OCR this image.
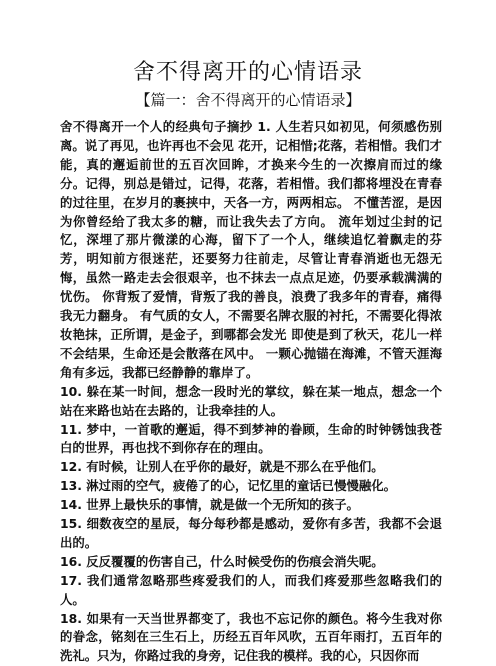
舍不得离开的心情语录
【篇一：舍不得离开的心情语录】

舍不得离开一个人的经典句子摘抄 1. 人生若只如初见，何须感伤别离。说了再见，也许再也不会见 花开，记相惜;花落，若相惜。我们才能，真的邂逅前世的五百次回眸，才换来今生的一次擦肩而过的缘分。记得，别总是错过，记得，花落，若相惜。我们都将埋没在青春的过往里，在岁月的裹挟中，天各一方，两两相忘。 不懂苦涩，是因为你曾经给了我太多的糖，而让我失去了方向。 流年划过尘封的记忆，深埋了那片微漾的心海，留下了一个人，继续追忆着飘走的芬芳，明知前方很迷茫，还要努力往前走，尽管让青春消逝也无怨无悔，虽然一路走去会很艰辛，也不抹去一点点足迹，仍要承载满满的忧伤。 你背叛了爱情，背叛了我的善良，浪费了我多年的青春，痛得我无力翻身。 有气质的女人，不需要名牌衣服的衬托，不需要化得浓妆艳抹，正所谓，是金子，到哪都会发光 即使是到了秋天，花儿一样不会结果，生命还是会散落在风中。 一颗心抛锚在海滩，不管天涯海角有多远，我都已经静静的靠岸了。

10. 躲在某一时间，想念一段时光的掌纹，躲在某一地点，想念一个站在来路也站在去路的，让我牵挂的人。

11. 梦中，一首歌的邂逅，得不到梦神的眷顾，生命的时钟锈蚀我苍白的世界，再也找不到你存在的理由。

12. 有时候，让别人在乎你的最好，就是不那么在乎他们。

13. 淋过雨的空气，疲倦了的心，记忆里的童话已慢慢融化。

14. 世界上最快乐的事情，就是做一个无所知的孩子。

15. 细数夜空的星辰，每分每秒都是感动，爱你有多苦，我都不会退出的。

16. 反反覆覆的伤害自己，什么时候受伤的伤痕会消失呢。

17. 我们通常忽略那些疼爱我们的人，而我们疼爱那些忽略我们的人。

18. 如果有一天当世界都变了，我也不忘记你的颜色。将今生我对你的眷念，铭刻在三生石上，历经五百年风吹，五百年雨打，五百年的洗礼。只为，你路过我的身旁，记住我的模样。我的心，只因你而
